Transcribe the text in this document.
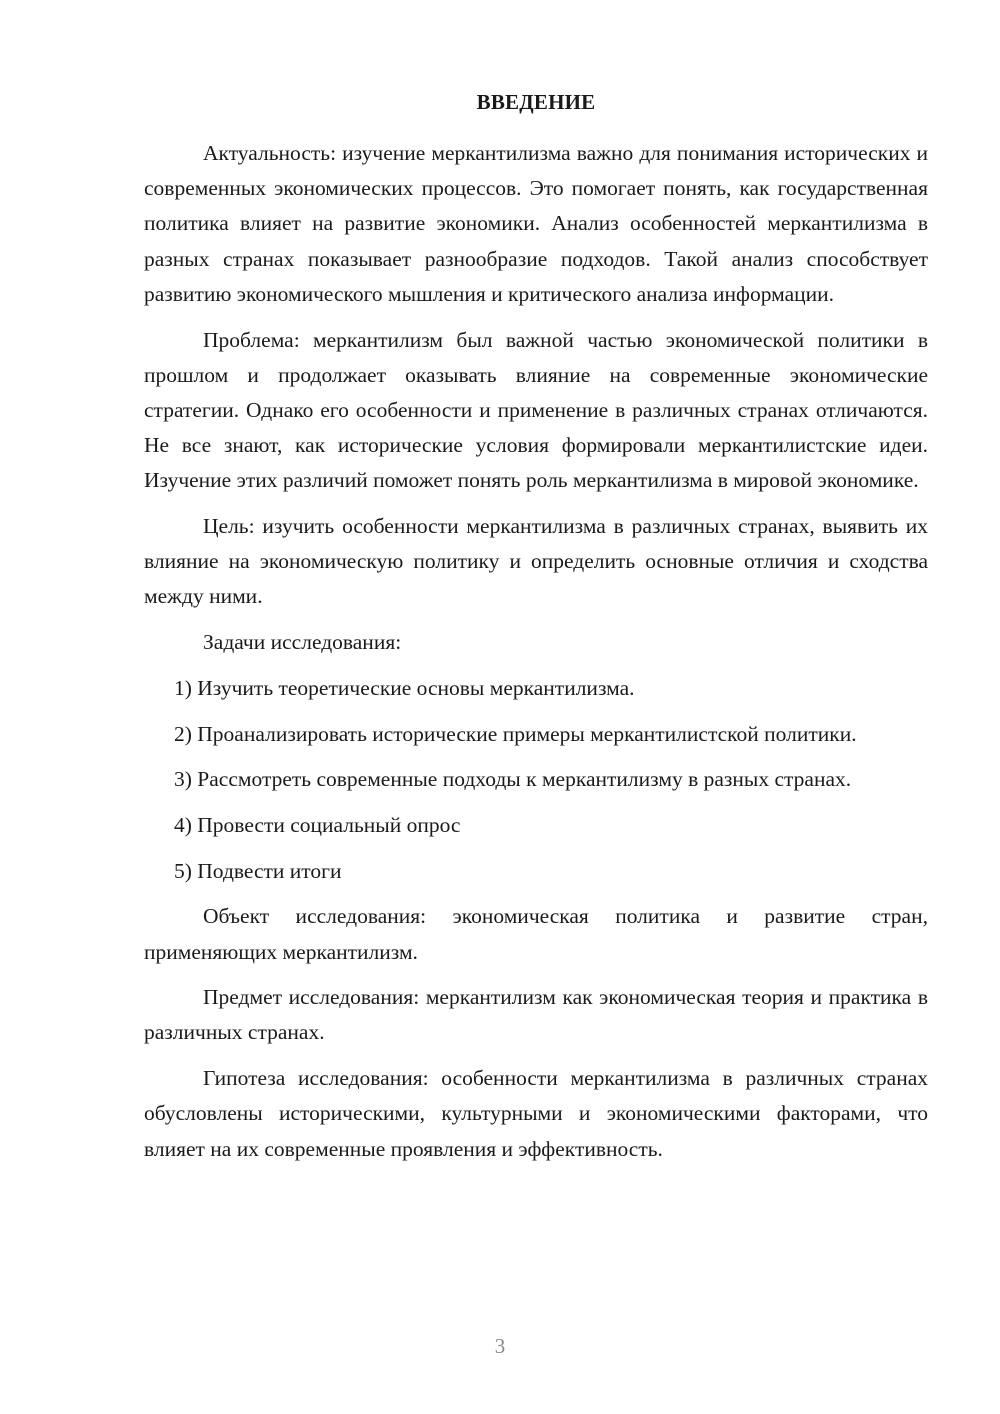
ВВЕДЕНИЕ

Актуальность: изучение меркантилизма важно для понимания исторических и современных экономических процессов. Это помогает понять, как государственная политика влияет на развитие экономики. Анализ особенностей меркантилизма в разных странах показывает разнообразие подходов. Такой анализ способствует развитию экономического мышления и критического анализа информации.

Проблема: меркантилизм был важной частью экономической политики в прошлом и продолжает оказывать влияние на современные экономические стратегии. Однако его особенности и применение в различных странах отличаются. Не все знают, как исторические условия формировали меркантилистские идеи. Изучение этих различий поможет понять роль меркантилизма в мировой экономике.

Цель: изучить особенности меркантилизма в различных странах, выявить их влияние на экономическую политику и определить основные отличия и сходства между ними.

Задачи исследования:

1) Изучить теоретические основы меркантилизма.

2) Проанализировать исторические примеры меркантилистской политики.

3) Рассмотреть современные подходы к меркантилизму в разных странах.

4) Провести социальный опрос

5) Подвести итоги

Объект исследования: экономическая политика и развитие стран, применяющих меркантилизм.

Предмет исследования: меркантилизм как экономическая теория и практика в различных странах.

Гипотеза исследования: особенности меркантилизма в различных странах обусловлены историческими, культурными и экономическими факторами, что влияет на их современные проявления и эффективность.

3
